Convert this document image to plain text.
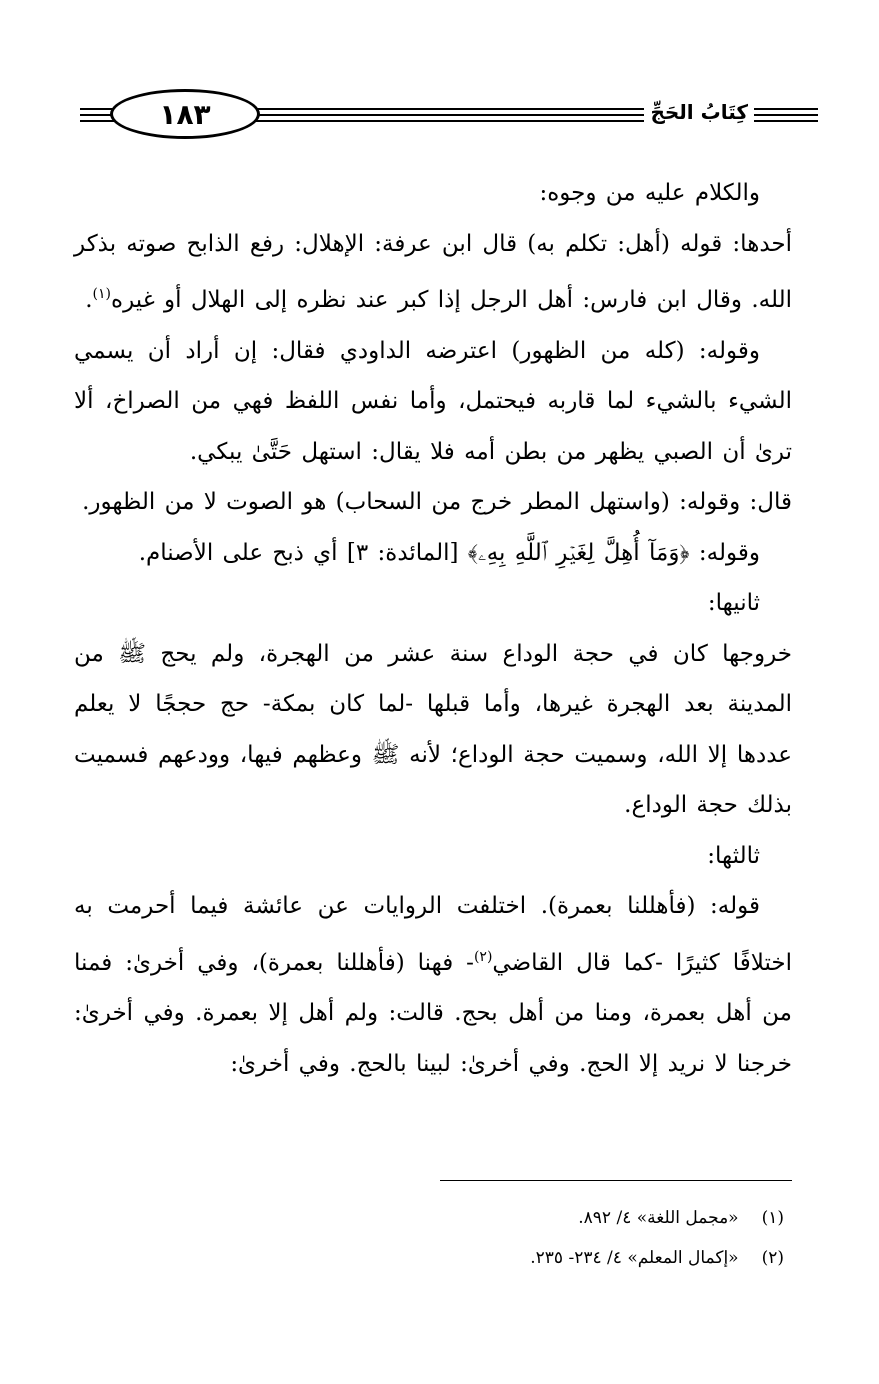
١٨٣	كِتَابُ الحَجِّ

والكلام عليه من وجوه:

أحدها: قوله (أهل: تكلم به) قال ابن عرفة: الإهلال: رفع الذابح صوته بذكر الله. وقال ابن فارس: أهل الرجل إذا كبر عند نظره إلى الهلال أو غيره$^{(١)}$.

وقوله: (كله من الظهور) اعترضه الداودي فقال: إن أراد أن يسمي الشيء بالشيء لما قاربه فيحتمل، وأما نفس اللفظ فهي من الصراخ، ألا ترىٰ أن الصبي يظهر من بطن أمه فلا يقال: استهل حَتَّىٰ يبكي.

قال: وقوله: (واستهل المطر خرج من السحاب) هو الصوت لا من الظهور.

وقوله: ﴿وَمَآ أُهِلَّ لِغَيۡرِ ٱللَّهِ بِهِۦ﴾ [المائدة: ٣] أي ذبح على الأصنام.

ثانيها:

خروجها كان في حجة الوداع سنة عشر من الهجرة، ولم يحج ﷺ من المدينة بعد الهجرة غيرها، وأما قبلها -لما كان بمكة- حج حججًا لا يعلم عددها إلا الله، وسميت حجة الوداع؛ لأنه ﷺ وعظهم فيها، وودعهم فسميت بذلك حجة الوداع.

ثالثها:

قوله: (فأهللنا بعمرة). اختلفت الروايات عن عائشة فيما أحرمت به اختلافًا كثيرًا -كما قال القاضي$^{(٢)}$- فهنا (فأهللنا بعمرة)، وفي أخرىٰ: فمنا من أهل بعمرة، ومنا من أهل بحج. قالت: ولم أهل إلا بعمرة. وفي أخرىٰ: خرجنا لا نريد إلا الحج. وفي أخرىٰ: لبينا بالحج. وفي أخرىٰ:

(١) «مجمل اللغة» ٤/ ٨٩٢.

(٢) «إكمال المعلم» ٤/ ٢٣٤- ٢٣٥.
